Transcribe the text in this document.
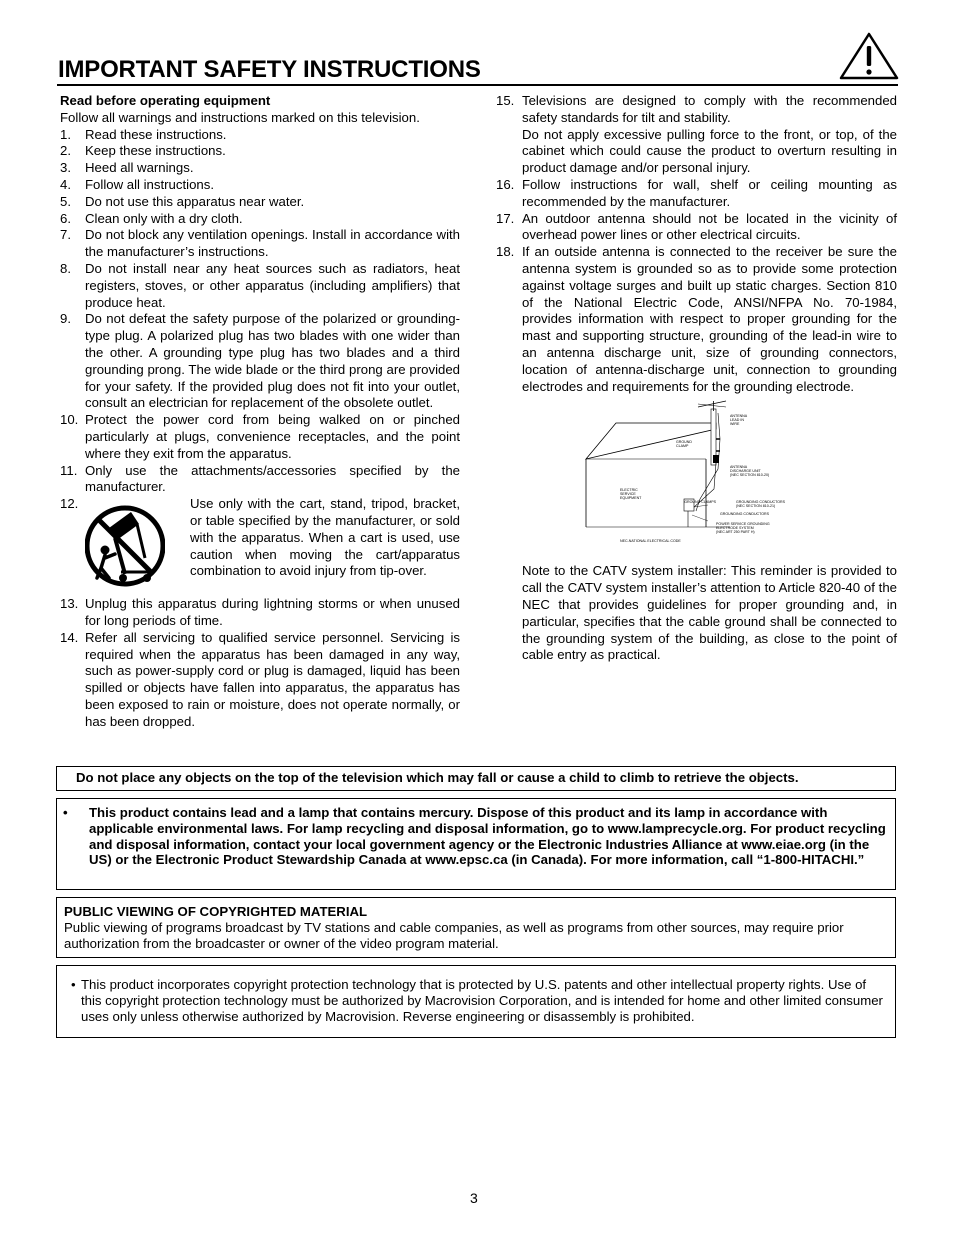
IMPORTANT SAFETY INSTRUCTIONS

Read before operating equipment

Follow all warnings and instructions marked on this television.

1.	Read these instructions.
2.	Keep these instructions.
3.	Heed all warnings.
4.	Follow all instructions.
5.	Do not use this apparatus near water.
6.	Clean only with a dry cloth.
7.	Do not block any ventilation openings. Install in accordance with the manufacturer’s instructions.
8.	Do not install near any heat sources such as radiators, heat registers, stoves, or other apparatus (including amplifiers) that produce heat.
9.	Do not defeat the safety purpose of the polarized or grounding-type plug. A polarized plug has two blades with one wider than the other. A grounding type plug has two blades and a third grounding prong. The wide blade or the third prong are provided for your safety. If the provided plug does not fit into your outlet, consult an electrician for replacement of the obsolete outlet.
10. Protect the power cord from being walked on or pinched particularly at plugs, convenience receptacles, and the point where they exit from the apparatus.
11. Only use the attachments/accessories specified by the manufacturer.
12.	Use only with the cart, stand, tripod, bracket, or table specified by the manufacturer, or sold with the apparatus. When a cart is used, use caution when moving the cart/apparatus combination to avoid injury from tip-over.
13. Unplug this apparatus during lightning storms or when unused for long periods of time.
14. Refer all servicing to qualified service personnel. Servicing is required when the apparatus has been damaged in any way, such as power-supply cord or plug is damaged, liquid has been spilled or objects have fallen into apparatus, the apparatus has been exposed to rain or moisture, does not operate normally, or has been dropped.
15. Televisions are designed to comply with the recommended safety standards for tilt and stability.
Do not apply excessive pulling force to the front, or top, of the cabinet which could cause the product to overturn resulting in product damage and/or personal injury.
16. Follow instructions for wall, shelf or ceiling mounting as recommended by the manufacturer.
17. An outdoor antenna should not be located in the vicinity of overhead power lines or other electrical circuits.
18. If an outside antenna is connected to the receiver be sure the antenna system is grounded so as to provide some protection against voltage surges and built up static charges. Section 810 of the National Electric Code, ANSI/NFPA No. 70-1984, provides information with respect to proper grounding for the mast and supporting structure, grounding of the lead-in wire to an antenna discharge unit, size of grounding connectors, location of antenna-discharge unit, connection to grounding electrodes and requirements for the grounding electrode.
ANTENNA LEAD IN WIRE
GROUND CLAMP
ANTENNA DISCHARGE UNIT (NEC SECTION 810-20)
ELECTRIC SERVICE EQUIPMENT
GROUNDING CONDUCTORS (NEC SECTION 810-21)
GROUND CLAMPS
GROUNDING CONDUCTORS
POWER SERVICE GROUNDING ELECTRODE SYSTEM (NEC ART 250 PART H)
NEC-NATIONAL ELECTRICAL CODE

Note to the CATV system installer: This reminder is provided to call the CATV system installer’s attention to Article 820-40 of the NEC that provides guidelines for proper grounding and, in particular, specifies that the cable ground shall be connected to the grounding system of the building, as close to the point of cable entry as practical.

Do not place any objects on the top of the television which may fall or cause a child to climb to retrieve the objects.
•	This product contains lead and a lamp that contains mercury. Dispose of this product and its lamp in accordance with applicable environmental laws. For lamp recycling and disposal information, go to www.lamprecycle.org. For product recycling and disposal information, contact your local government agency or the Electronic Industries Alliance at www.eiae.org (in the US) or the Electronic Product Stewardship Canada at www.epsc.ca (in Canada). For more information, call “1-800-HITACHI.”
PUBLIC VIEWING OF COPYRIGHTED MATERIAL
Public viewing of programs broadcast by TV stations and cable companies, as well as programs from other sources, may require prior authorization from the broadcaster or owner of the video program material.
• This product incorporates copyright protection technology that is protected by U.S. patents and other intellectual property rights. Use of this copyright protection technology must be authorized by Macrovision Corporation, and is intended for home and other limited consumer uses only unless otherwise authorized by Macrovision. Reverse engineering or disassembly is prohibited.
3
